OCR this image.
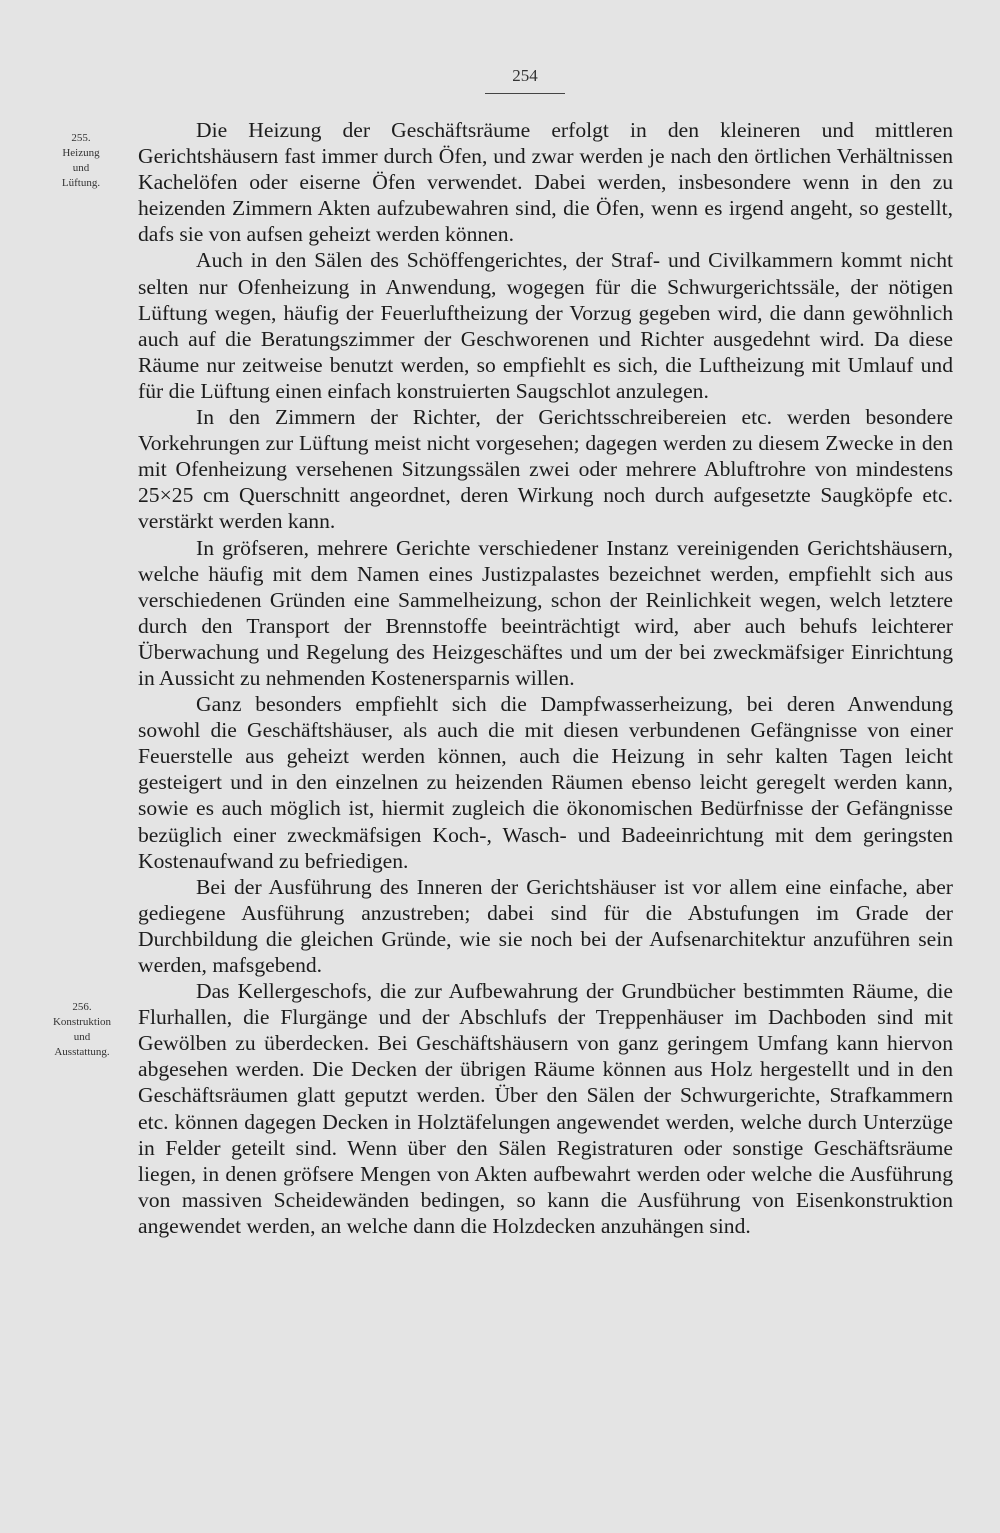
254
255.
Heizung
und
Lüftung.
256.
Konstruktion
und
Ausstattung.

Die Heizung der Geschäftsräume erfolgt in den kleineren und mittleren Gerichtshäusern fast immer durch Öfen, und zwar werden je nach den örtlichen Verhältnissen Kachelöfen oder eiserne Öfen verwendet. Dabei werden, insbesondere wenn in den zu heizenden Zimmern Akten aufzubewahren sind, die Öfen, wenn es irgend angeht, so gestellt, dafs sie von aufsen geheizt werden können.

Auch in den Sälen des Schöffengerichtes, der Straf- und Civilkammern kommt nicht selten nur Ofenheizung in Anwendung, wogegen für die Schwurgerichtssäle, der nötigen Lüftung wegen, häufig der Feuerluftheizung der Vorzug gegeben wird, die dann gewöhnlich auch auf die Beratungszimmer der Geschworenen und Richter ausgedehnt wird. Da diese Räume nur zeitweise benutzt werden, so empfiehlt es sich, die Luftheizung mit Umlauf und für die Lüftung einen einfach konstruierten Saugschlot anzulegen.

In den Zimmern der Richter, der Gerichtsschreibereien etc. werden besondere Vorkehrungen zur Lüftung meist nicht vorgesehen; dagegen werden zu diesem Zwecke in den mit Ofenheizung versehenen Sitzungssälen zwei oder mehrere Abluftrohre von mindestens 25×25 cm Querschnitt angeordnet, deren Wirkung noch durch aufgesetzte Saugköpfe etc. verstärkt werden kann.

In gröfseren, mehrere Gerichte verschiedener Instanz vereinigenden Gerichtshäusern, welche häufig mit dem Namen eines Justizpalastes bezeichnet werden, empfiehlt sich aus verschiedenen Gründen eine Sammelheizung, schon der Reinlichkeit wegen, welch letztere durch den Transport der Brennstoffe beeinträchtigt wird, aber auch behufs leichterer Überwachung und Regelung des Heizgeschäftes und um der bei zweckmäfsiger Einrichtung in Aussicht zu nehmenden Kostenersparnis willen.

Ganz besonders empfiehlt sich die Dampfwasserheizung, bei deren Anwendung sowohl die Geschäftshäuser, als auch die mit diesen verbundenen Gefängnisse von einer Feuerstelle aus geheizt werden können, auch die Heizung in sehr kalten Tagen leicht gesteigert und in den einzelnen zu heizenden Räumen ebenso leicht geregelt werden kann, sowie es auch möglich ist, hiermit zugleich die ökonomischen Bedürfnisse der Gefängnisse bezüglich einer zweckmäfsigen Koch-, Wasch- und Badeeinrichtung mit dem geringsten Kostenaufwand zu befriedigen.

Bei der Ausführung des Inneren der Gerichtshäuser ist vor allem eine einfache, aber gediegene Ausführung anzustreben; dabei sind für die Abstufungen im Grade der Durchbildung die gleichen Gründe, wie sie noch bei der Aufsenarchitektur anzuführen sein werden, mafsgebend.

Das Kellergeschofs, die zur Aufbewahrung der Grundbücher bestimmten Räume, die Flurhallen, die Flurgänge und der Abschlufs der Treppenhäuser im Dachboden sind mit Gewölben zu überdecken. Bei Geschäftshäusern von ganz geringem Umfang kann hiervon abgesehen werden. Die Decken der übrigen Räume können aus Holz hergestellt und in den Geschäftsräumen glatt geputzt werden. Über den Sälen der Schwurgerichte, Strafkammern etc. können dagegen Decken in Holztäfelungen angewendet werden, welche durch Unterzüge in Felder geteilt sind. Wenn über den Sälen Registraturen oder sonstige Geschäftsräume liegen, in denen gröfsere Mengen von Akten aufbewahrt werden oder welche die Ausführung von massiven Scheidewänden bedingen, so kann die Ausführung von Eisenkonstruktion angewendet werden, an welche dann die Holzdecken anzuhängen sind.
